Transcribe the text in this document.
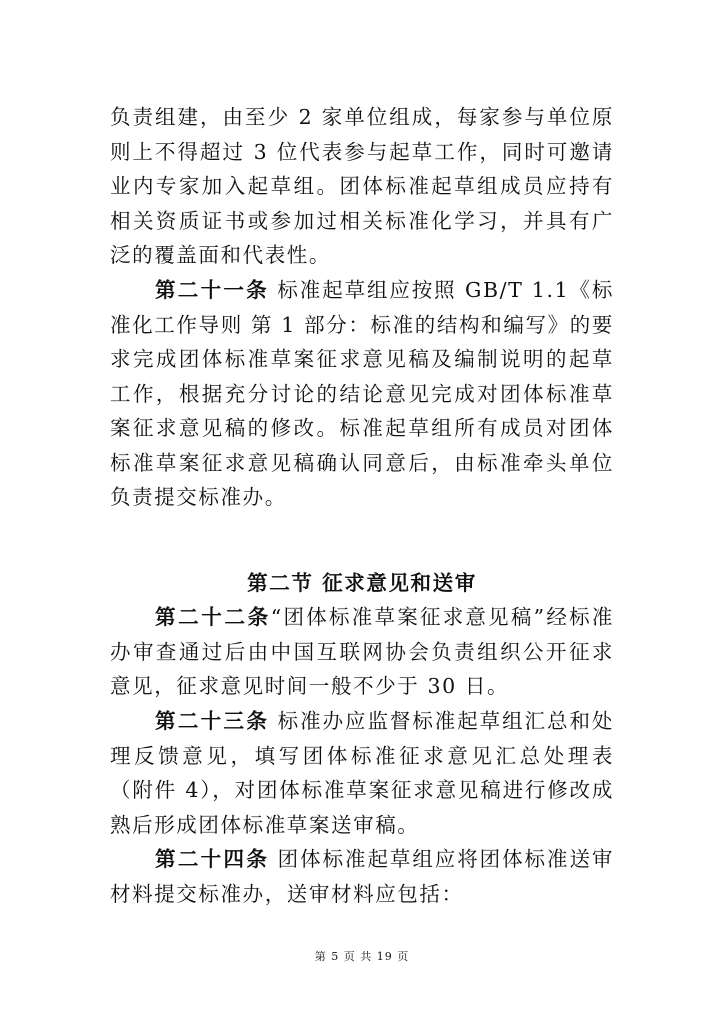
负责组建，由至少 2 家单位组成，每家参与单位原则上不得超过 3 位代表参与起草工作，同时可邀请业内专家加入起草组。团体标准起草组成员应持有相关资质证书或参加过相关标准化学习，并具有广泛的覆盖面和代表性。

第二十一条 标准起草组应按照 GB/T 1.1《标准化工作导则 第 1 部分：标准的结构和编写》的要求完成团体标准草案征求意见稿及编制说明的起草工作，根据充分讨论的结论意见完成对团体标准草案征求意见稿的修改。标准起草组所有成员对团体标准草案征求意见稿确认同意后，由标准牵头单位负责提交标准办。

第二节 征求意见和送审

第二十二条“团体标准草案征求意见稿”经标准办审查通过后由中国互联网协会负责组织公开征求意见，征求意见时间一般不少于 30 日。

第二十三条 标准办应监督标准起草组汇总和处理反馈意见，填写团体标准征求意见汇总处理表（附件 4），对团体标准草案征求意见稿进行修改成熟后形成团体标准草案送审稿。

第二十四条 团体标准起草组应将团体标准送审材料提交标准办，送审材料应包括：

第 5 页 共 19 页
